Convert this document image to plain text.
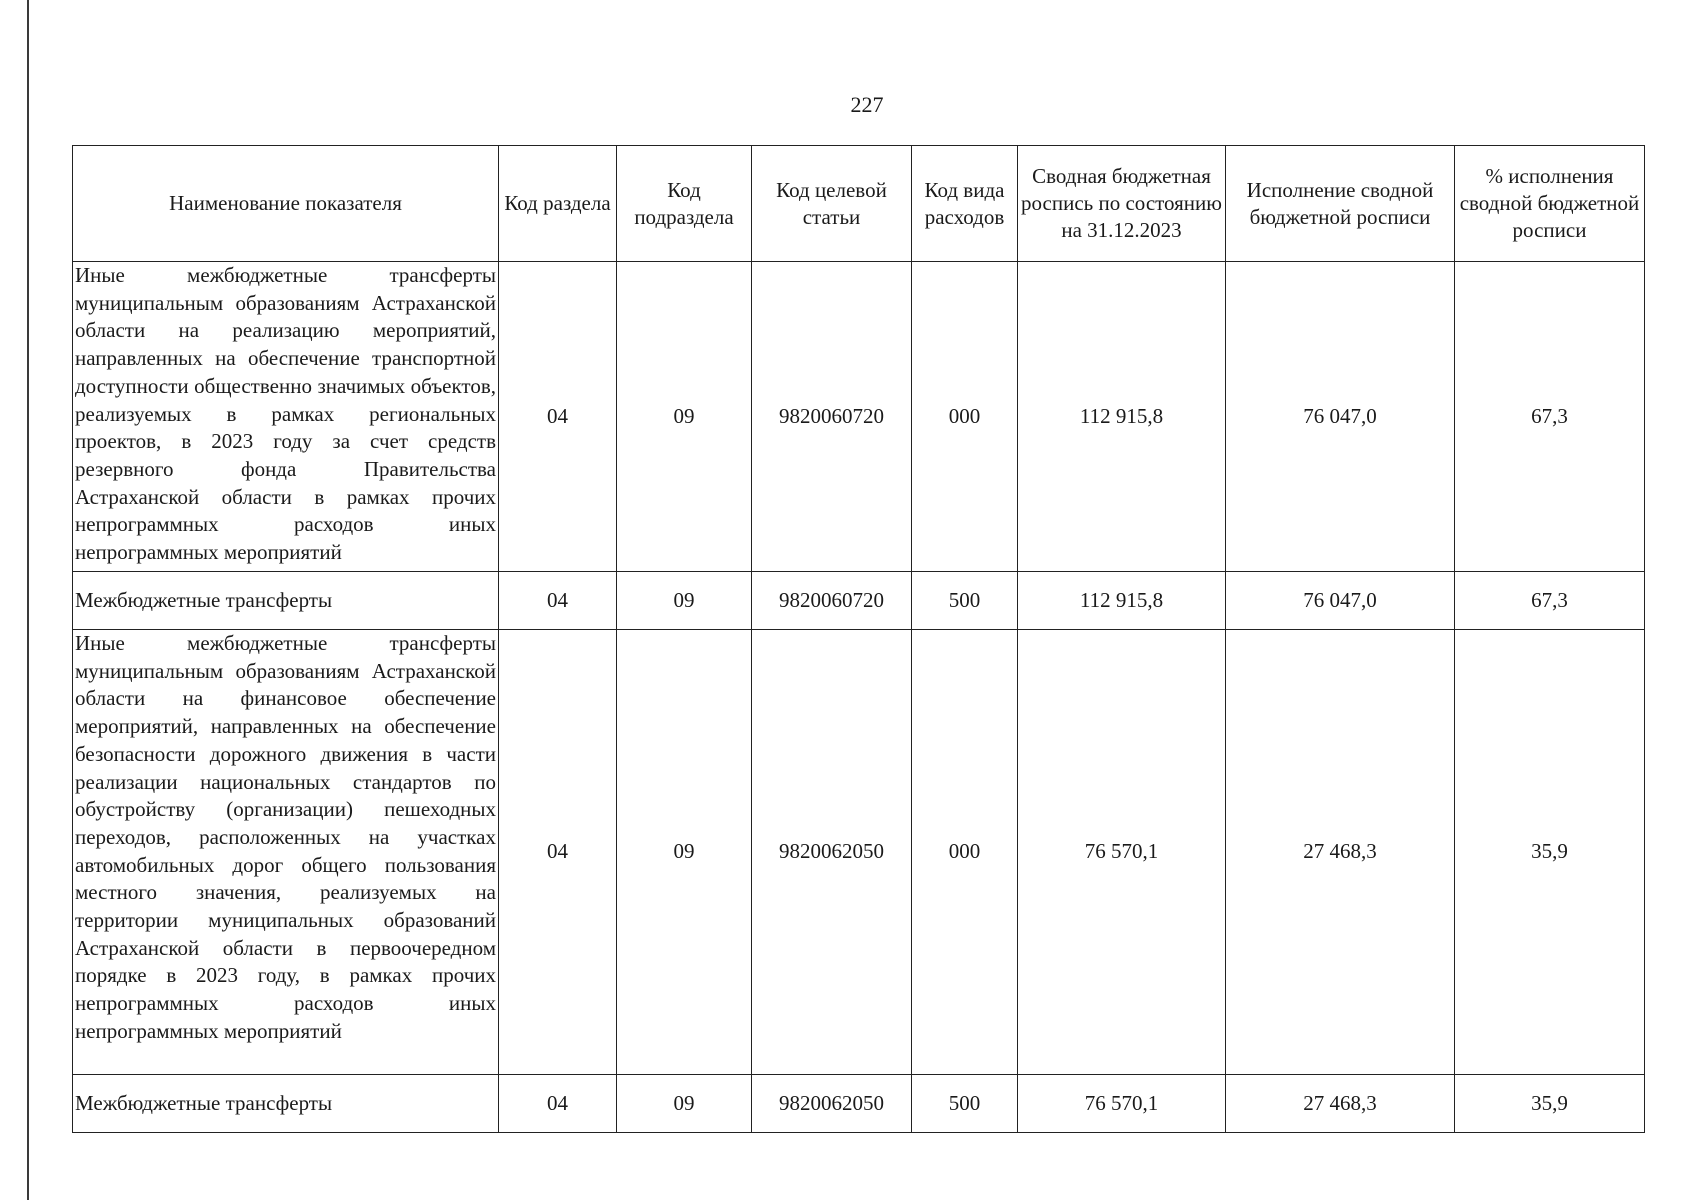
227
Наименование показателя	Код раздела	Код подраздела	Код целевой статьи	Код вида расходов	Сводная бюджетная роспись по состоянию на 31.12.2023	Исполнение сводной бюджетной росписи	% исполнения сводной бюджетной росписи
Иные межбюджетные трансферты муниципальным образованиям Астраханской области на реализацию мероприятий, направленных на обеспечение транспортной доступности общественно значимых объектов, реализуемых в рамках региональных проектов, в 2023 году за счет средств резервного фонда Правительства Астраханской области в рамках прочих непрограммных расходов иных непрограммных мероприятий	04	09	9820060720	000	112 915,8	76 047,0	67,3
Межбюджетные трансферты	04	09	9820060720	500	112 915,8	76 047,0	67,3
Иные межбюджетные трансферты муниципальным образованиям Астраханской области на финансовое обеспечение мероприятий, направленных на обеспечение безопасности дорожного движения в части реализации национальных стандартов по обустройству (организации) пешеходных переходов, расположенных на участках автомобильных дорог общего пользования местного значения, реализуемых на территории муниципальных образований Астраханской области в первоочередном порядке в 2023 году, в рамках прочих непрограммных расходов иных непрограммных мероприятий	04	09	9820062050	000	76 570,1	27 468,3	35,9
Межбюджетные трансферты	04	09	9820062050	500	76 570,1	27 468,3	35,9
